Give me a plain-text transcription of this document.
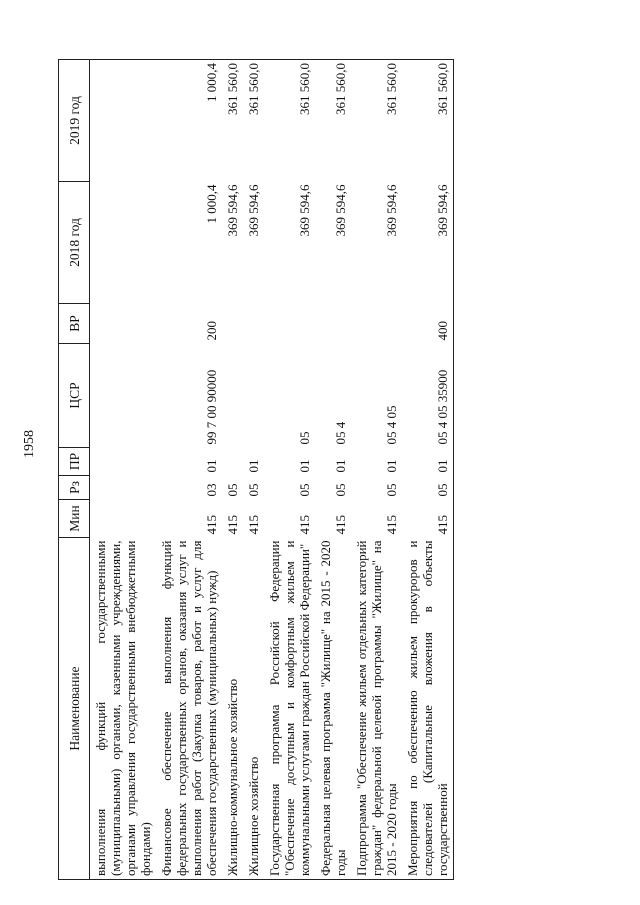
1958
Наименование	Мин	Рз	ПР	ЦСР	ВР	2018 год	2019 год
выполнения функций государственными (муниципальными) органами, казенными учреждениями, органами управления государственными внебюджетными фондами)							
Финансовое обеспечение выполнения функций федеральных государственных органов, оказания услуг и выполнения работ (Закупка товаров, работ и услуг для обеспечения государственных (муниципальных) нужд)	415	03	01	99 7 00 90000	200	1 000,4	1 000,4
Жилищно-коммунальное хозяйство	415	05				369 594,6	361 560,0
Жилищное хозяйство	415	05	01			369 594,6	361 560,0
Государственная программа Российской Федерации "Обеспечение доступным и комфортным жильем и коммунальными услугами граждан Российской Федерации"	415	05	01	05		369 594,6	361 560,0
Федеральная целевая программа "Жилище" на 2015 - 2020 годы	415	05	01	05 4		369 594,6	361 560,0
Подпрограмма "Обеспечение жильем отдельных категорий граждан" федеральной целевой программы "Жилище" на 2015 - 2020 годы	415	05	01	05 4 05		369 594,6	361 560,0
Мероприятия по обеспечению жильем прокуроров и следователей (Капитальные вложения в объекты государственной	415	05	01	05 4 05 35900	400	369 594,6	361 560,0
